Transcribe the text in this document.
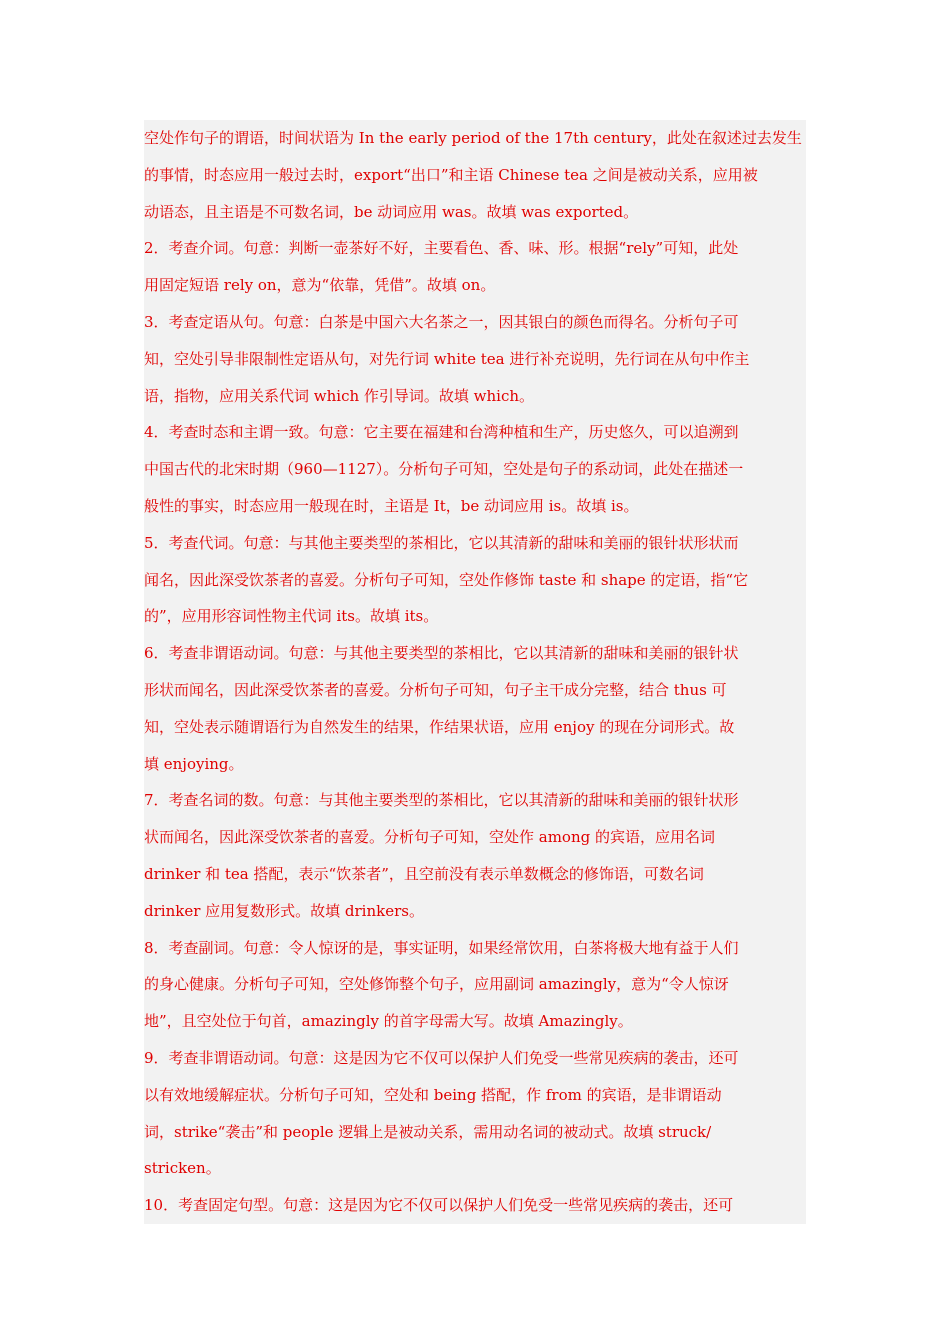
空处作句子的谓语，时间状语为 In the early period of the 17th century，此处在叙述过去发生
的事情，时态应用一般过去时，export“出口”和主语 Chinese tea 之间是被动关系，应用被
动语态，且主语是不可数名词，be 动词应用 was。故填 was exported。
2．考查介词。句意：判断一壶茶好不好，主要看色、香、味、形。根据“rely”可知，此处
用固定短语 rely on，意为“依靠，凭借”。故填 on。
3．考查定语从句。句意：白茶是中国六大名茶之一，因其银白的颜色而得名。分析句子可
知，空处引导非限制性定语从句，对先行词 white tea 进行补充说明，先行词在从句中作主
语，指物，应用关系代词 which 作引导词。故填 which。
4．考查时态和主谓一致。句意：它主要在福建和台湾种植和生产，历史悠久，可以追溯到
中国古代的北宋时期（960—1127）。分析句子可知，空处是句子的系动词，此处在描述一
般性的事实，时态应用一般现在时，主语是 It，be 动词应用 is。故填 is。
5．考查代词。句意：与其他主要类型的茶相比，它以其清新的甜味和美丽的银针状形状而
闻名，因此深受饮茶者的喜爱。分析句子可知，空处作修饰 taste 和 shape 的定语，指“它
的”，应用形容词性物主代词 its。故填 its。
6．考查非谓语动词。句意：与其他主要类型的茶相比，它以其清新的甜味和美丽的银针状
形状而闻名，因此深受饮茶者的喜爱。分析句子可知，句子主干成分完整，结合 thus 可
知，空处表示随谓语行为自然发生的结果，作结果状语，应用 enjoy 的现在分词形式。故
填 enjoying。
7．考查名词的数。句意：与其他主要类型的茶相比，它以其清新的甜味和美丽的银针状形
状而闻名，因此深受饮茶者的喜爱。分析句子可知，空处作 among 的宾语，应用名词
drinker 和 tea 搭配，表示“饮茶者”，且空前没有表示单数概念的修饰语，可数名词
drinker 应用复数形式。故填 drinkers。
8．考查副词。句意：令人惊讶的是，事实证明，如果经常饮用，白茶将极大地有益于人们
的身心健康。分析句子可知，空处修饰整个句子，应用副词 amazingly，意为“令人惊讶
地”，且空处位于句首，amazingly 的首字母需大写。故填 Amazingly。
9．考查非谓语动词。句意：这是因为它不仅可以保护人们免受一些常见疾病的袭击，还可
以有效地缓解症状。分析句子可知，空处和 being 搭配，作 from 的宾语，是非谓语动
词，strike“袭击”和 people 逻辑上是被动关系，需用动名词的被动式。故填 struck/
stricken。
10．考查固定句型。句意：这是因为它不仅可以保护人们免受一些常见疾病的袭击，还可
